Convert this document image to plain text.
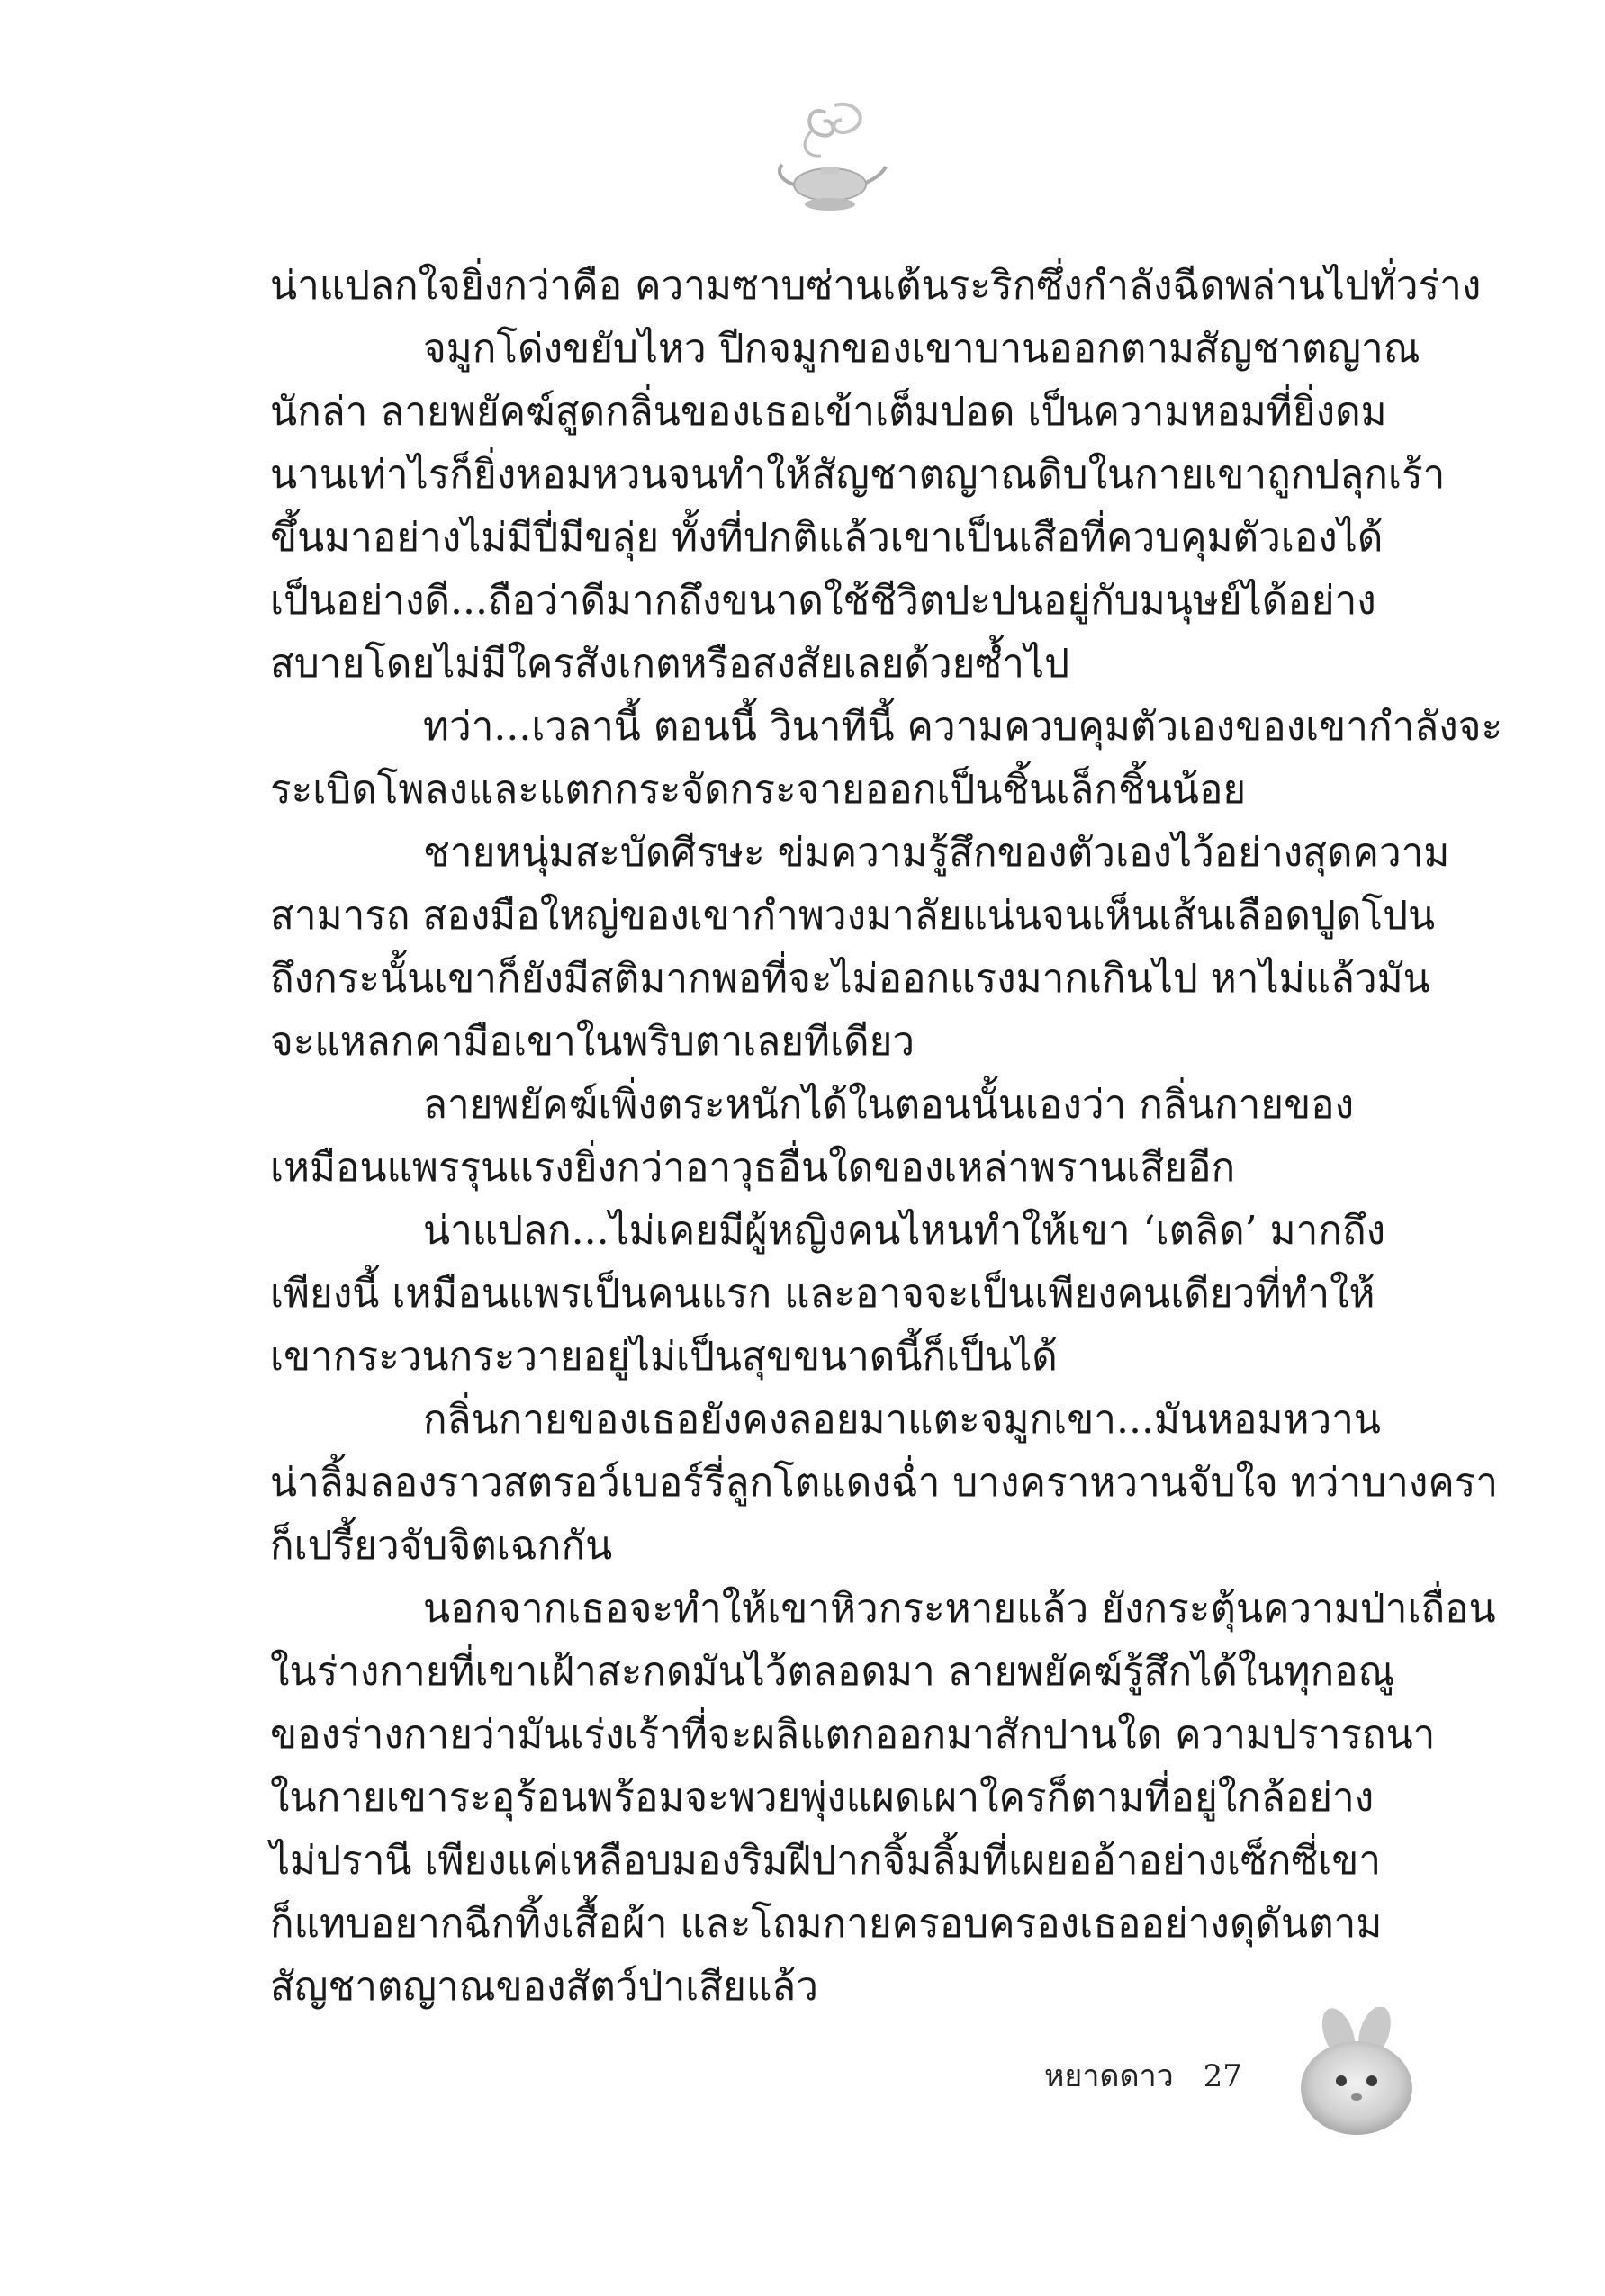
น่าแปลกใจยิ่งกว่าคือ ความซาบซ่านเต้นระริกซึ่งกำลังฉีดพล่านไปทั่วร่าง
จมูกโด่งขยับไหว ปีกจมูกของเขาบานออกตามสัญชาตญาณ
นักล่า ลายพยัคฆ์สูดกลิ่นของเธอเข้าเต็มปอด เป็นความหอมที่ยิ่งดม
นานเท่าไรก็ยิ่งหอมหวนจนทำให้สัญชาตญาณดิบในกายเขาถูกปลุกเร้า
ขึ้นมาอย่างไม่มีปี่มีขลุ่ย ทั้งที่ปกติแล้วเขาเป็นเสือที่ควบคุมตัวเองได้
เป็นอย่างดี...ถือว่าดีมากถึงขนาดใช้ชีวิตปะปนอยู่กับมนุษย์ได้อย่าง
สบายโดยไม่มีใครสังเกตหรือสงสัยเลยด้วยซ้ำไป
ทว่า...เวลานี้ ตอนนี้ วินาทีนี้ ความควบคุมตัวเองของเขากำลังจะ
ระเบิดโพลงและแตกกระจัดกระจายออกเป็นชิ้นเล็กชิ้นน้อย
ชายหนุ่มสะบัดศีรษะ ข่มความรู้สึกของตัวเองไว้อย่างสุดความ
สามารถ สองมือใหญ่ของเขากำพวงมาลัยแน่นจนเห็นเส้นเลือดปูดโปน
ถึงกระนั้นเขาก็ยังมีสติมากพอที่จะไม่ออกแรงมากเกินไป หาไม่แล้วมัน
จะแหลกคามือเขาในพริบตาเลยทีเดียว
ลายพยัคฆ์เพิ่งตระหนักได้ในตอนนั้นเองว่า กลิ่นกายของ
เหมือนแพรรุนแรงยิ่งกว่าอาวุธอื่นใดของเหล่าพรานเสียอีก
น่าแปลก...ไม่เคยมีผู้หญิงคนไหนทำให้เขา ‘เตลิด’ มากถึง
เพียงนี้ เหมือนแพรเป็นคนแรก และอาจจะเป็นเพียงคนเดียวที่ทำให้
เขากระวนกระวายอยู่ไม่เป็นสุขขนาดนี้ก็เป็นได้
กลิ่นกายของเธอยังคงลอยมาแตะจมูกเขา...มันหอมหวาน
น่าลิ้มลองราวสตรอว์เบอร์รี่ลูกโตแดงฉ่ำ บางคราหวานจับใจ ทว่าบางครา
ก็เปรี้ยวจับจิตเฉกกัน
นอกจากเธอจะทำให้เขาหิวกระหายแล้ว ยังกระตุ้นความป่าเถื่อน
ในร่างกายที่เขาเฝ้าสะกดมันไว้ตลอดมา ลายพยัคฆ์รู้สึกได้ในทุกอณู
ของร่างกายว่ามันเร่งเร้าที่จะผลิแตกออกมาสักปานใด ความปรารถนา
ในกายเขาระอุร้อนพร้อมจะพวยพุ่งแผดเผาใครก็ตามที่อยู่ใกล้อย่าง
ไม่ปรานี เพียงแค่เหลือบมองริมฝีปากจิ้มลิ้มที่เผยออ้าอย่างเซ็กซี่เขา
ก็แทบอยากฉีกทิ้งเสื้อผ้า และโถมกายครอบครองเธออย่างดุดันตาม
สัญชาตญาณของสัตว์ป่าเสียแล้ว
หยาดดาว 27
